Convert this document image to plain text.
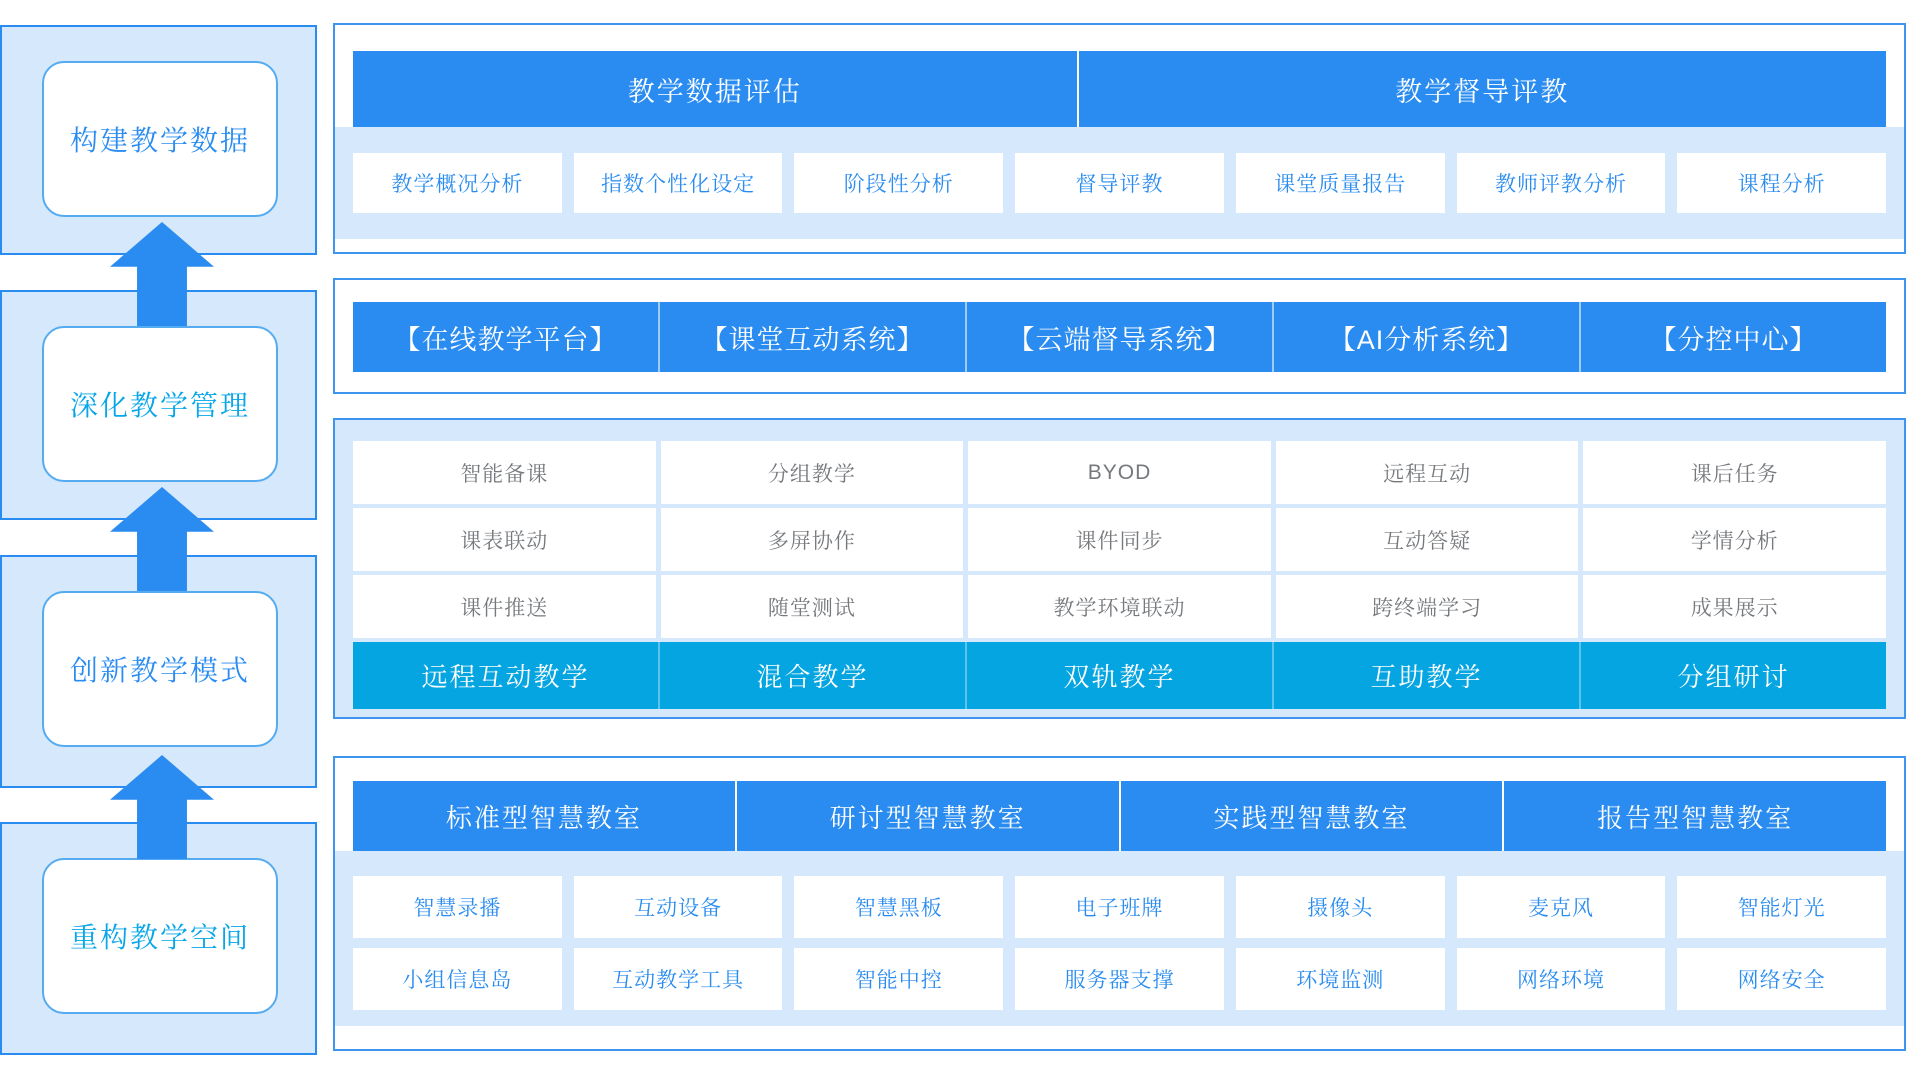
构建教学数据
深化教学管理
创新教学模式
重构教学空间
教学数据评估	教学督导评教
教学概况分析	指数个性化设定	阶段性分析	督导评教	课堂质量报告	教师评教分析	课程分析
【在线教学平台】	【课堂互动系统】	【云端督导系统】	【AI分析系统】	【分控中心】
智能备课	分组教学	BYOD	远程互动	课后任务
课表联动	多屏协作	课件同步	互动答疑	学情分析
课件推送	随堂测试	教学环境联动	跨终端学习	成果展示
远程互动教学	混合教学	双轨教学	互助教学	分组研讨
标准型智慧教室	研讨型智慧教室	实践型智慧教室	报告型智慧教室
智慧录播	互动设备	智慧黑板	电子班牌	摄像头	麦克风	智能灯光
小组信息岛	互动教学工具	智能中控	服务器支撑	环境监测	网络环境	网络安全
